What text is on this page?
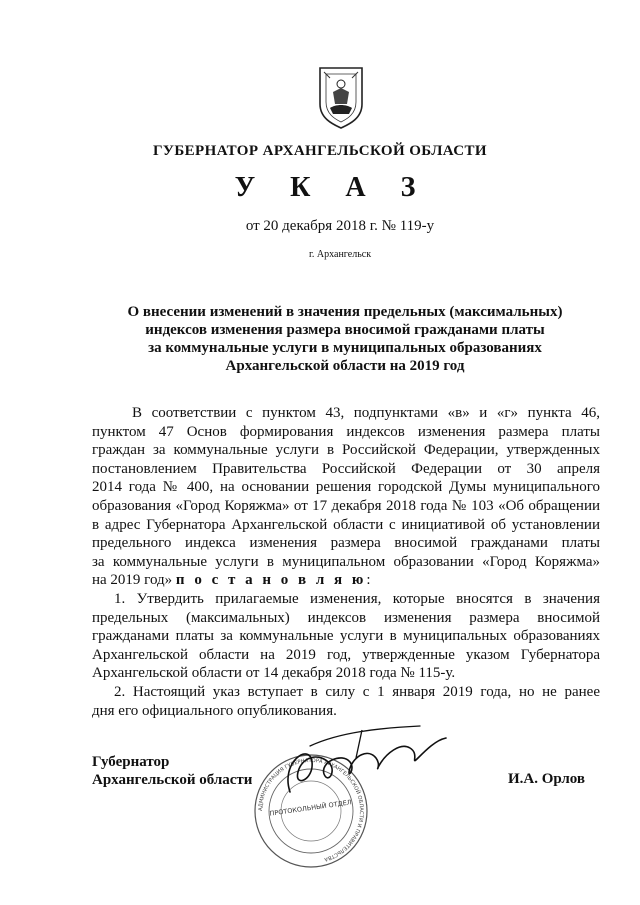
ГУБЕРНАТОР АРХАНГЕЛЬСКОЙ ОБЛАСТИ
У К А З
от 20 декабря 2018 г. № 119-у
г. Архангельск
О внесении изменений в значения предельных (максимальных)
индексов изменения размера вносимой гражданами платы
за коммунальные услуги в муниципальных образованиях
Архангельской области на 2019 год
В соответствии с пунктом 43, подпунктами «в» и «г» пункта 46,
пунктом 47 Основ формирования индексов изменения размера платы
граждан за коммунальные услуги в Российской Федерации, утвержденных
постановлением Правительства Российской Федерации от 30 апреля
2014 года № 400, на основании решения городской Думы муниципального
образования «Город Коряжма» от 17 декабря 2018 года № 103 «Об обращении
в адрес Губернатора Архангельской области с инициативой об установлении
предельного индекса изменения размера вносимой гражданами платы
за коммунальные услуги в муниципальном образовании «Город Коряжма»
на 2019 год» п о с т а н о в л я ю:
1. Утвердить прилагаемые изменения, которые вносятся в значения
предельных (максимальных) индексов изменения размера вносимой
гражданами платы за коммунальные услуги в муниципальных образованиях
Архангельской области на 2019 год, утвержденные указом Губернатора
Архангельской области от 14 декабря 2018 года № 115-у.
2. Настоящий указ вступает в силу с 1 января 2019 года, но не ранее
дня его официального опубликования.
Губернатор
Архангельской области	И.А. Орлов
АДМИНИСТРАЦИЯ ГУБЕРНАТОРА АРХАНГЕЛЬСКОЙ ОБЛАСТИ И ПРАВИТЕЛЬСТВА
ПРОТОКОЛЬНЫЙ ОТДЕЛ
